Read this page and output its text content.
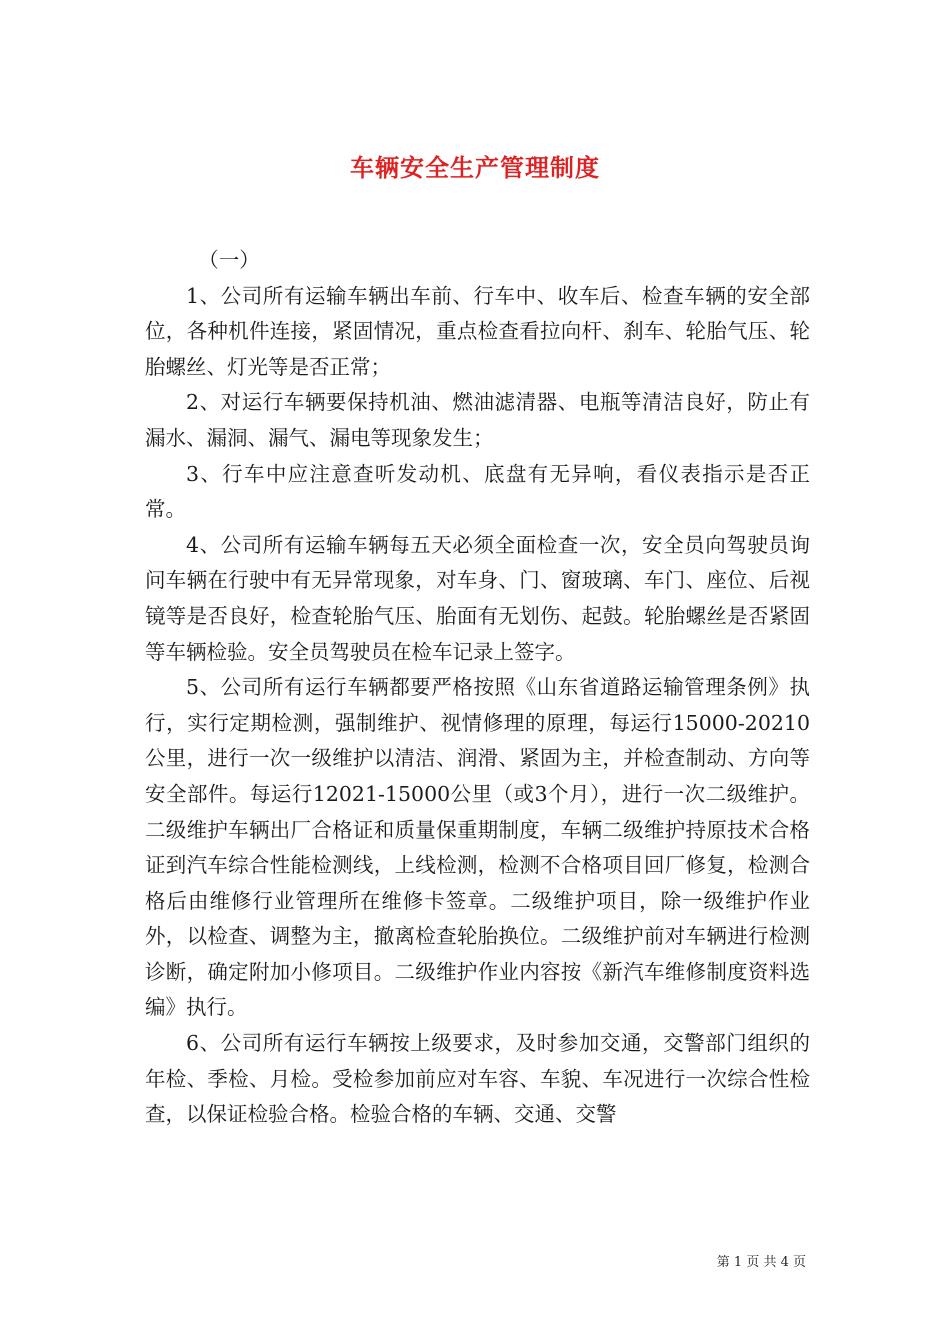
车辆安全生产管理制度

（一）

1、公司所有运输车辆出车前、行车中、收车后、检查车辆的安全部位，各种机件连接，紧固情况，重点检查看拉向杆、刹车、轮胎气压、轮胎螺丝、灯光等是否正常；

2、对运行车辆要保持机油、燃油滤清器、电瓶等清洁良好，防止有漏水、漏洞、漏气、漏电等现象发生；

3、行车中应注意查听发动机、底盘有无异响，看仪表指示是否正常。

4、公司所有运输车辆每五天必须全面检查一次，安全员向驾驶员询问车辆在行驶中有无异常现象，对车身、门、窗玻璃、车门、座位、后视镜等是否良好，检查轮胎气压、胎面有无划伤、起鼓。轮胎螺丝是否紧固等车辆检验。安全员驾驶员在检车记录上签字。

5、公司所有运行车辆都要严格按照《山东省道路运输管理条例》执行，实行定期检测，强制维护、视情修理的原理，每运行15000-20210公里，进行一次一级维护以清洁、润滑、紧固为主，并检查制动、方向等安全部件。每运行12021-15000公里（或3个月），进行一次二级维护。二级维护车辆出厂合格证和质量保重期制度，车辆二级维护持原技术合格证到汽车综合性能检测线，上线检测，检测不合格项目回厂修复，检测合格后由维修行业管理所在维修卡签章。二级维护项目，除一级维护作业外，以检查、调整为主，撤离检查轮胎换位。二级维护前对车辆进行检测诊断，确定附加小修项目。二级维护作业内容按《新汽车维修制度资料选编》执行。

6、公司所有运行车辆按上级要求，及时参加交通，交警部门组织的年检、季检、月检。受检参加前应对车容、车貌、车况进行一次综合性检查，以保证检验合格。检验合格的车辆、交通、交警

第 1 页 共 4 页
